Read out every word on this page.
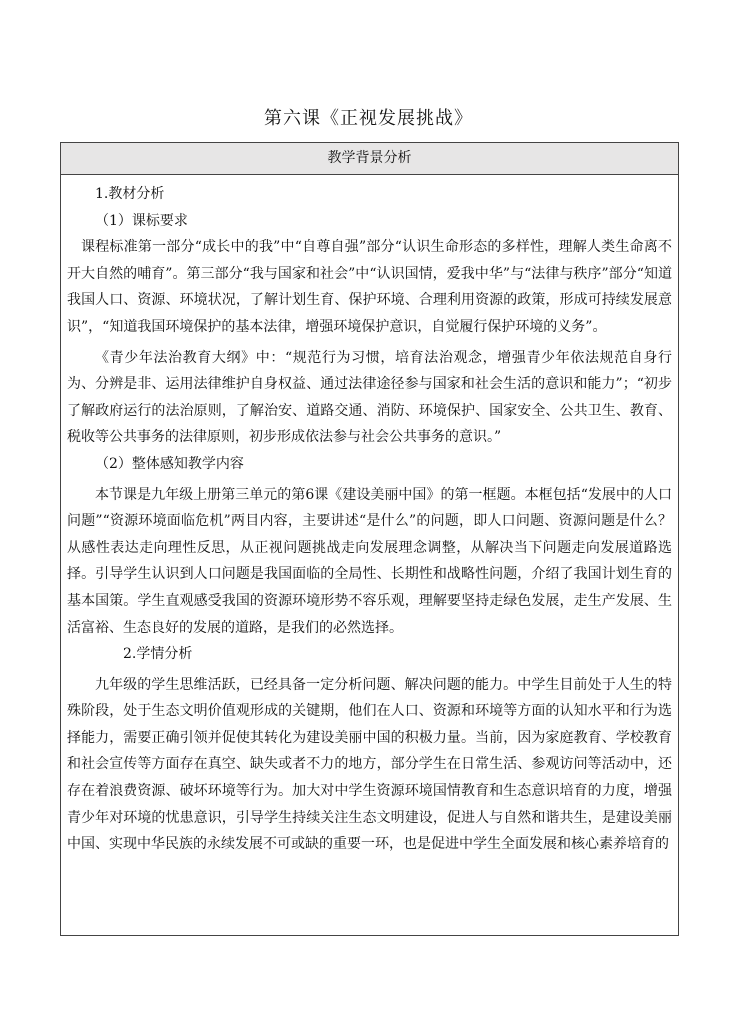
第六课《正视发展挑战》
教学背景分析

1.教材分析

（1）课标要求

课程标准第一部分“成长中的我”中“自尊自强”部分“认识生命形态的多样性，理解人类生命离不开大自然的哺育”。第三部分“我与国家和社会”中“认识国情，爱我中华”与“法律与秩序”部分“知道我国人口、资源、环境状况，了解计划生育、保护环境、合理利用资源的政策，形成可持续发展意识”，“知道我国环境保护的基本法律，增强环境保护意识，自觉履行保护环境的义务”。

《青少年法治教育大纲》中：“规范行为习惯，培育法治观念，增强青少年依法规范自身行为、分辨是非、运用法律维护自身权益、通过法律途径参与国家和社会生活的意识和能力”；“初步了解政府运行的法治原则，了解治安、道路交通、消防、环境保护、国家安全、公共卫生、教育、税收等公共事务的法律原则，初步形成依法参与社会公共事务的意识。”

（2）整体感知教学内容

本节课是九年级上册第三单元的第6课《建设美丽中国》的第一框题。本框包括“发展中的人口问题”“资源环境面临危机”两目内容，主要讲述“是什么”的问题，即人口问题、资源问题是什么？从感性表达走向理性反思，从正视问题挑战走向发展理念调整，从解决当下问题走向发展道路选择。引导学生认识到人口问题是我国面临的全局性、长期性和战略性问题，介绍了我国计划生育的基本国策。学生直观感受我国的资源环境形势不容乐观，理解要坚持走绿色发展，走生产发展、生活富裕、生态良好的发展的道路，是我们的必然选择。

2.学情分析

九年级的学生思维活跃，已经具备一定分析问题、解决问题的能力。中学生目前处于人生的特殊阶段，处于生态文明价值观形成的关键期，他们在人口、资源和环境等方面的认知水平和行为选择能力，需要正确引领并促使其转化为建设美丽中国的积极力量。当前，因为家庭教育、学校教育和社会宣传等方面存在真空、缺失或者不力的地方，部分学生在日常生活、参观访问等活动中，还存在着浪费资源、破坏环境等行为。加大对中学生资源环境国情教育和生态意识培育的力度，增强青少年对环境的忧患意识，引导学生持续关注生态文明建设，促进人与自然和谐共生，是建设美丽中国、实现中华民族的永续发展不可或缺的重要一环，也是促进中学生全面发展和核心素养培育的
